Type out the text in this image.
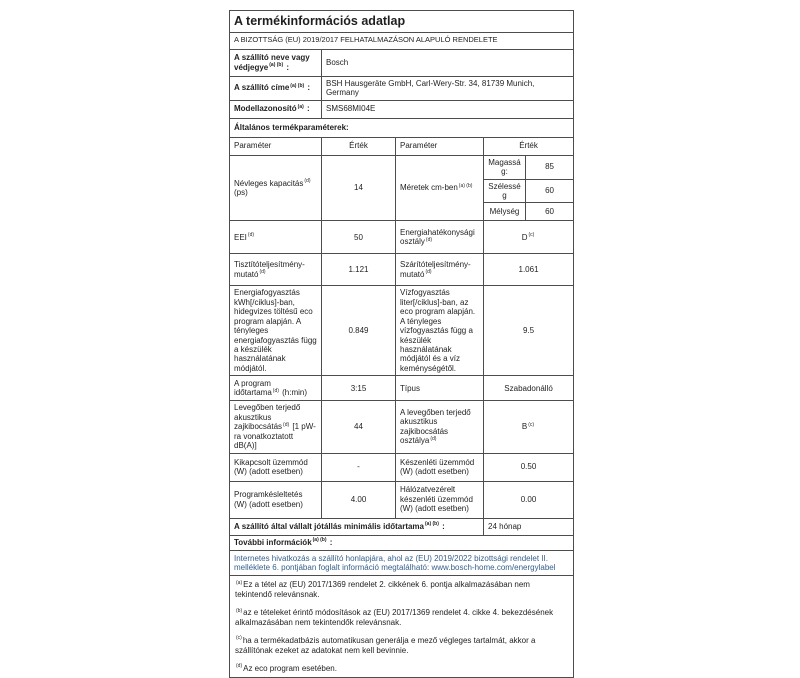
A termékinformációs adatlap				
A BIZOTTSÁG (EU) 2019/2017 FELHATALMAZÁSON ALAPULÓ RENDELETE				
A szállító neve vagy védjegye$^{(a) (b)}$ :	Bosch			
A szállító címe$^{(a) (b)}$ :	BSH Hausgeräte GmbH, Carl-Wery-Str. 34, 81739 Munich, Germany			
Modellazonosító$^{(a)}$ :	SMS68MI04E			
Általános termékparaméterek:				
Paraméter	Érték	Paraméter	Érték	
Névleges kapacitás$^{(d)}$ (ps)	14	Méretek cm-ben$^{(a) (b)}$	Magasság:	85
			Szélesség	60
			Mélység	60
EEI$^{(d)}$	50	Energiahatékonysági osztály$^{(d)}$	$D^{(c)}$
Tisztítóteljesítmény-mutató$^{(d)}$	1.121	Szárítóteljesítmény-mutató$^{(d)}$	1.061	
Energiafogyasztás kWh[/ciklus]-ban, hidegvizes töltésű eco program alapján. A tényleges energiafogyasztás függ a készülék használatának módjától.	0.849	Vízfogyasztás liter[/ciklus]-ban, az eco program alapján. A tényleges vízfogyasztás függ a készülék használatának módjától és a víz keménységétől.	9.5	
A program időtartama$^{(d)}$ (h:min)	3:15	Típus	Szabadonálló	
Levegőben terjedő akusztikus zajkibocsátás$^{(d)}$ [1 pW-ra vonatkoztatott dB(A)]	44	A levegőben terjedő akusztikus zajkibocsátás osztálya$^{(d)}$	$B^{(c)}$
Kikapcsolt üzemmód (W) (adott esetben)	-	Készenléti üzemmód (W) (adott esetben)	0.50	
Programkésleltetés (W) (adott esetben)	4.00	Hálózatvezérelt készenléti üzemmód (W) (adott esetben)	0.00	
A szállító által vállalt jótállás minimális időtartama$^{(a) (b)}$ :			24 hónap	
További információk$^{(a) (b)}$ :				
Internetes hivatkozás a szállító honlapjára, ahol az (EU) 2019/2022 bizottsági rendelet II. melléklete 6. pontjában foglalt információ megtalálható: www.bosch-home.com/energylabel				

$^{(a)}$Ez a tétel az (EU) 2017/1369 rendelet 2. cikkének 6. pontja alkalmazásában nem tekintendő relevánsnak.

$^{(b)}$az e tételeket érintő módosítások az (EU) 2017/1369 rendelet 4. cikke 4. bekezdésének alkalmazásában nem tekintendők relevánsnak.

$^{(c)}$ha a termékadatbázis automatikusan generálja e mező végleges tartalmát, akkor a szállítónak ezeket az adatokat nem kell bevinnie.

$^{(d)}$Az eco program esetében.				
